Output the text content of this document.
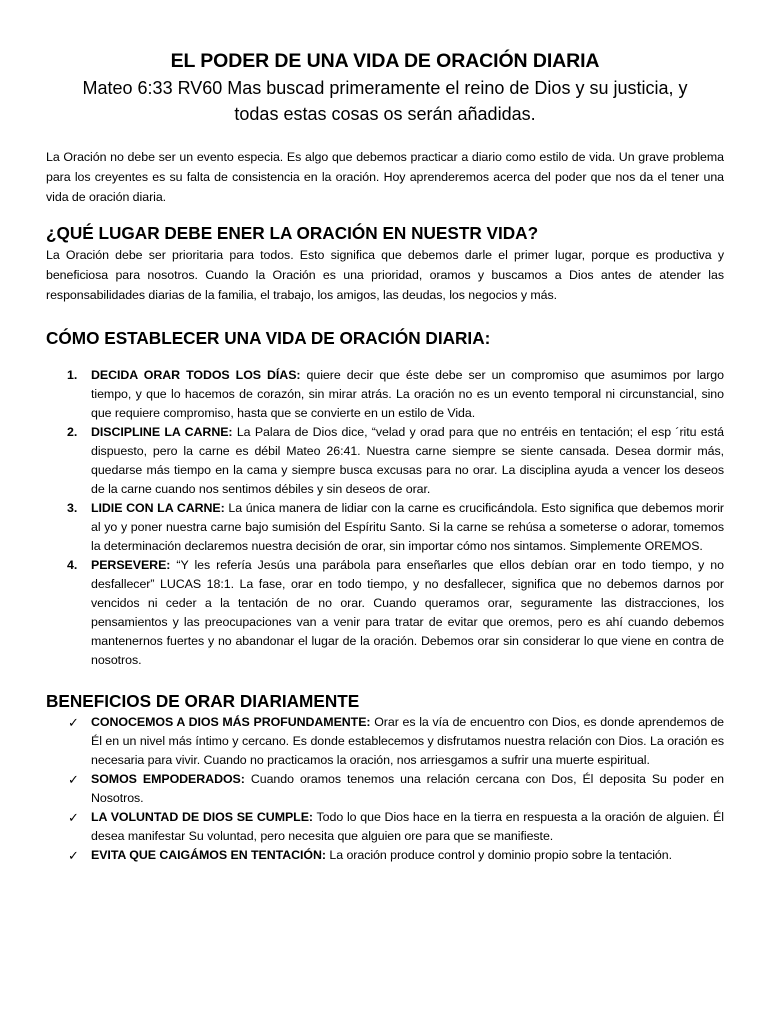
EL PODER DE UNA VIDA DE ORACIÓN DIARIA
Mateo 6:33 RV60 Mas buscad primeramente el reino de Dios y su justicia, y todas estas cosas os serán añadidas.

La Oración no debe ser un evento especia. Es algo que debemos practicar a diario como estilo de vida. Un grave problema para los creyentes es su falta de consistencia en la oración. Hoy aprenderemos acerca del poder que nos da el tener una vida de oración diaria.

¿QUÉ LUGAR DEBE ENER LA ORACIÓN EN NUESTR VIDA?

La Oración debe ser prioritaria para todos. Esto significa que debemos darle el primer lugar, porque es productiva y beneficiosa para nosotros. Cuando la Oración es una prioridad, oramos y buscamos a Dios antes de atender las responsabilidades diarias de la familia, el trabajo, los amigos, las deudas, los negocios y más.

CÓMO ESTABLECER UNA VIDA DE ORACIÓN DIARIA:
1. DECIDA ORAR TODOS LOS DÍAS: quiere decir que éste debe ser un compromiso que asumimos por largo tiempo, y que lo hacemos de corazón, sin mirar atrás. La oración no es un evento temporal ni circunstancial, sino que requiere compromiso, hasta que se convierte en un estilo de Vida.
2. DISCIPLINE LA CARNE: La Palara de Dios dice, “velad y orad para que no entréis en tentación; el esp ´ritu está dispuesto, pero la carne es débil Mateo 26:41. Nuestra carne siempre se siente cansada. Desea dormir más, quedarse más tiempo en la cama y siempre busca excusas para no orar. La disciplina ayuda a vencer los deseos de la carne cuando nos sentimos débiles y sin deseos de orar.
3. LIDIE CON LA CARNE: La única manera de lidiar con la carne es crucificándola. Esto significa que debemos morir al yo y poner nuestra carne bajo sumisión del Espíritu Santo. Si la carne se rehúsa a someterse o adorar, tomemos la determinación declaremos nuestra decisión de orar, sin importar cómo nos sintamos. Simplemente OREMOS.
4. PERSEVERE: “Y les refería Jesús una parábola para enseñarles que ellos debían orar en todo tiempo, y no desfallecer” LUCAS 18:1. La fase, orar en todo tiempo, y no desfallecer, significa que no debemos darnos por vencidos ni ceder a la tentación de no orar. Cuando queramos orar, seguramente las distracciones, los pensamientos y las preocupaciones van a venir para tratar de evitar que oremos, pero es ahí cuando debemos mantenernos fuertes y no abandonar el lugar de la oración. Debemos orar sin considerar lo que viene en contra de nosotros.
BENEFICIOS DE ORAR DIARIAMENTE
✓ CONOCEMOS A DIOS MÁS PROFUNDAMENTE: Orar es la vía de encuentro con Dios, es donde aprendemos de Él en un nivel más íntimo y cercano. Es donde establecemos y disfrutamos nuestra relación con Dios. La oración es necesaria para vivir. Cuando no practicamos la oración, nos arriesgamos a sufrir una muerte espiritual.
✓ SOMOS EMPODERADOS: Cuando oramos tenemos una relación cercana con Dos, Él deposita Su poder en Nosotros.
✓ LA VOLUNTAD DE DIOS SE CUMPLE: Todo lo que Dios hace en la tierra en respuesta a la oración de alguien. Él desea manifestar Su voluntad, pero necesita que alguien ore para que se manifieste.
✓ EVITA QUE CAIGÁMOS EN TENTACIÓN: La oración produce control y dominio propio sobre la tentación.
